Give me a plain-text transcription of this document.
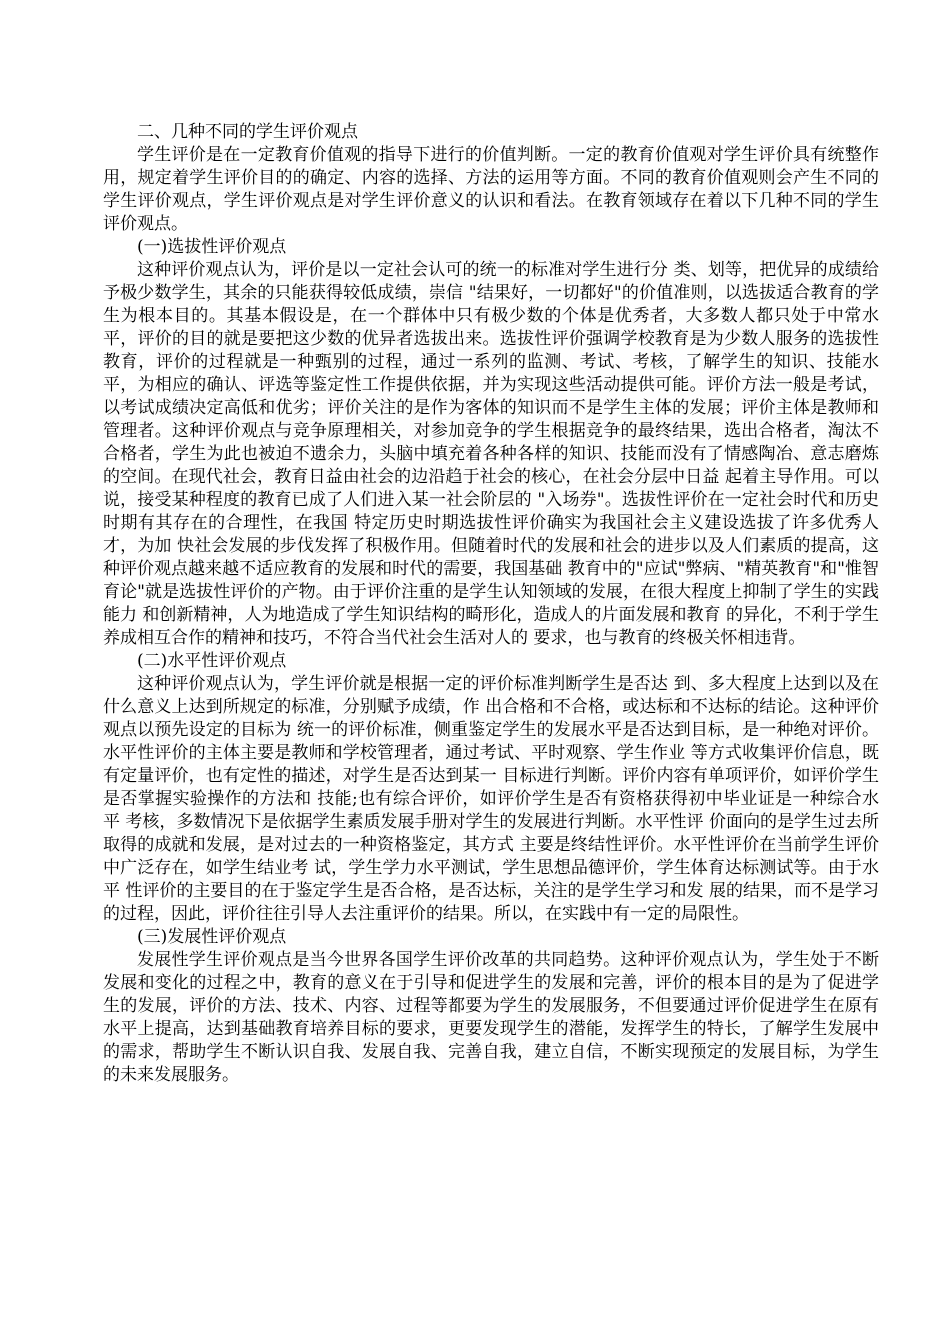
二、几种不同的学生评价观点

学生评价是在一定教育价值观的指导下进行的价值判断。一定的教育价值观对学生评价具有统整作用，规定着学生评价目的的确定、内容的选择、方法的运用等方面。不同的教育价值观则会产生不同的学生评价观点，学生评价观点是对学生评价意义的认识和看法。在教育领域存在着以下几种不同的学生评价观点。

(一)选拔性评价观点

这种评价观点认为，评价是以一定社会认可的统一的标准对学生进行分 类、划等，把优异的成绩给予极少数学生，其余的只能获得较低成绩，崇信 "结果好，一切都好"的价值准则，以选拔适合教育的学生为根本目的。其基本假设是，在一个群体中只有极少数的个体是优秀者，大多数人都只处于中常水平，评价的目的就是要把这少数的优异者选拔出来。选拔性评价强调学校教育是为少数人服务的选拔性教育，评价的过程就是一种甄别的过程，通过一系列的监测、考试、考核，了解学生的知识、技能水平，为相应的确认、评选等鉴定性工作提供依据，并为实现这些活动提供可能。评价方法一般是考试，以考试成绩决定高低和优劣；评价关注的是作为客体的知识而不是学生主体的发展；评价主体是教师和管理者。这种评价观点与竞争原理相关，对参加竞争的学生根据竞争的最终结果，选出合格者，淘汰不合格者，学生为此也被迫不遗余力，头脑中填充着各种各样的知识、技能而没有了情感陶冶、意志磨炼的空间。在现代社会，教育日益由社会的边沿趋于社会的核心，在社会分层中日益 起着主导作用。可以说，接受某种程度的教育已成了人们进入某一社会阶层的 "入场券"。选拔性评价在一定社会时代和历史时期有其存在的合理性，在我国 特定历史时期选拔性评价确实为我国社会主义建设选拔了许多优秀人才，为加 快社会发展的步伐发挥了积极作用。但随着时代的发展和社会的进步以及人们素质的提高，这种评价观点越来越不适应教育的发展和时代的需要，我国基础 教育中的"应试"弊病、"精英教育"和"惟智育论"就是选拔性评价的产物。由于评价注重的是学生认知领域的发展，在很大程度上抑制了学生的实践能力 和创新精神，人为地造成了学生知识结构的畸形化，造成人的片面发展和教育 的异化，不利于学生养成相互合作的精神和技巧，不符合当代社会生活对人的 要求，也与教育的终极关怀相违背。

(二)水平性评价观点

这种评价观点认为，学生评价就是根据一定的评价标准判断学生是否达 到、多大程度上达到以及在什么意义上达到所规定的标准，分别赋予成绩，作 出合格和不合格，或达标和不达标的结论。这种评价观点以预先设定的目标为 统一的评价标准，侧重鉴定学生的发展水平是否达到目标，是一种绝对评价。水平性评价的主体主要是教师和学校管理者，通过考试、平时观察、学生作业 等方式收集评价信息，既有定量评价，也有定性的描述，对学生是否达到某一 目标进行判断。评价内容有单项评价，如评价学生是否掌握实验操作的方法和 技能;也有综合评价，如评价学生是否有资格获得初中毕业证是一种综合水平 考核，多数情况下是依据学生素质发展手册对学生的发展进行判断。水平性评 价面向的是学生过去所取得的成就和发展，是对过去的一种资格鉴定，其方式 主要是终结性评价。水平性评价在当前学生评价中广泛存在，如学生结业考 试，学生学力水平测试，学生思想品德评价，学生体育达标测试等。由于水平 性评价的主要目的在于鉴定学生是否合格，是否达标，关注的是学生学习和发 展的结果，而不是学习的过程，因此，评价往往引导人去注重评价的结果。所以，在实践中有一定的局限性。

(三)发展性评价观点

发展性学生评价观点是当今世界各国学生评价改革的共同趋势。这种评价观点认为，学生处于不断发展和变化的过程之中，教育的意义在于引导和促进学生的发展和完善，评价的根本目的是为了促进学生的发展，评价的方法、技术、内容、过程等都要为学生的发展服务，不但要通过评价促进学生在原有水平上提高，达到基础教育培养目标的要求，更要发现学生的潜能，发挥学生的特长，了解学生发展中的需求，帮助学生不断认识自我、发展自我、完善自我，建立自信，不断实现预定的发展目标，为学生的未来发展服务。
